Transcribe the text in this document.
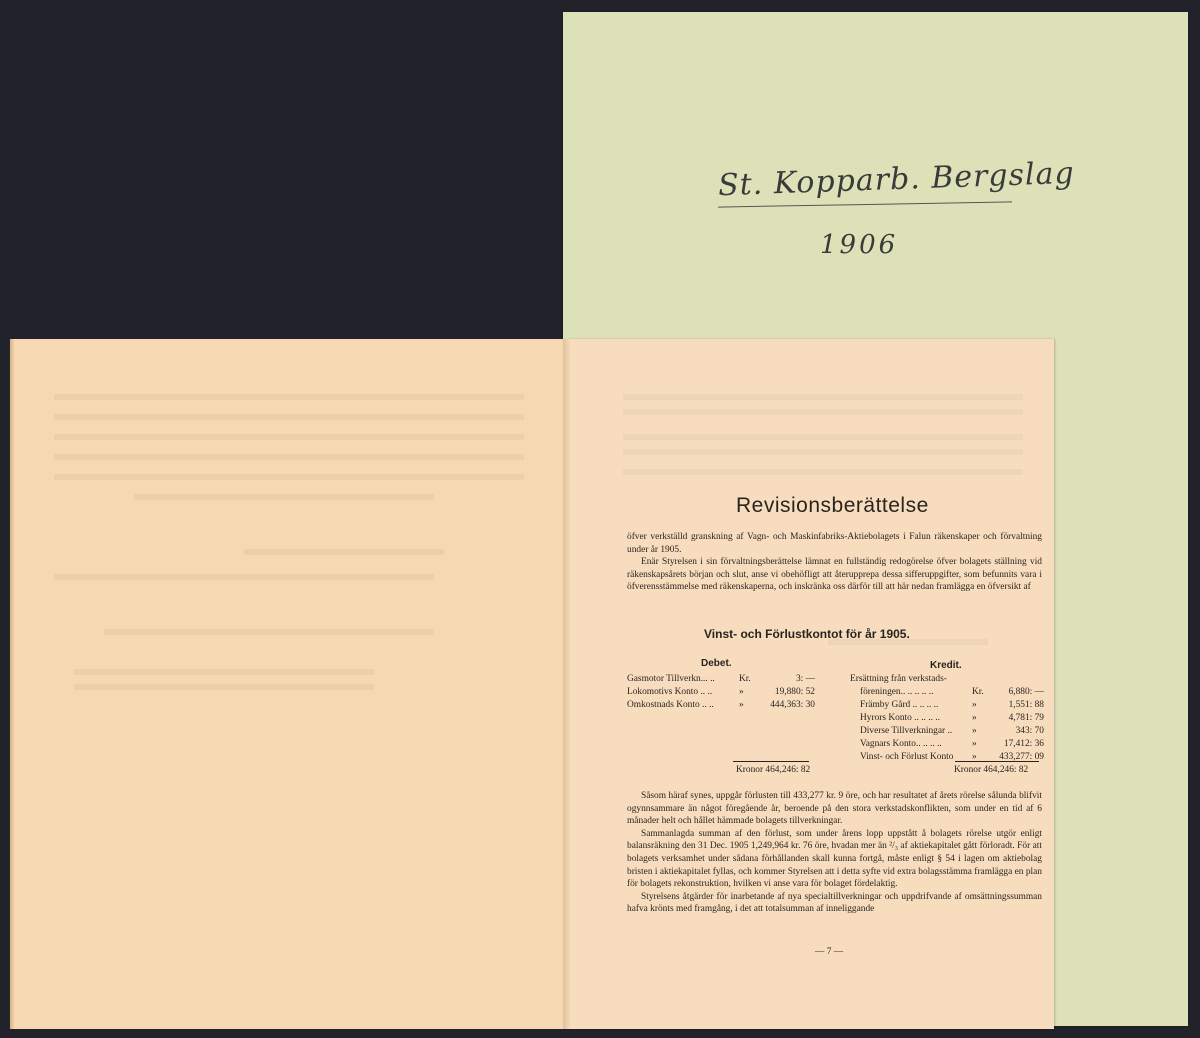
St. Kopparb. Bergslag
1906
Revisionsberättelse

öfver verkställd granskning af Vagn- och Maskinfabriks-Aktiebolagets i Falun räkenskaper och förvaltning under år 1905.

Enär Styrelsen i sin förvaltningsberättelse lämnat en fullständig redogörelse öfver bolagets ställning vid räkenskapsårets början och slut, anse vi obehöfligt att återupprepa dessa sifferuppgifter, som befunnits vara i öfverensstämmelse med räkenskaperna, och inskränka oss därför till att här nedan framlägga en öfversikt af

Vinst- och Förlustkontot för år 1905.
Debet.	Kredit.
Gasmotor Tillverkn... ..	Kr.	3: —
Lokomotivs Konto .. ..	»	19,880: 52
Omkostnads Konto .. ..	»	444,363: 30
Ersättning från verkstads-
föreningen.. .. .. .. ..	Kr.	6,880: —
Främby Gård .. .. .. ..	»	1,551: 88
Hyrors Konto .. .. .. ..	»	4,781: 79
Diverse Tillverkningar .. »	343: 70
Vagnars Konto.. .. .. ..	»	17,412: 36
Vinst- och Förlust Konto » 433,277: 09
Kronor 464,246: 82	Kronor 464,246: 82

Såsom häraf synes, uppgår förlusten till 433,277 kr. 9 öre, och har resultatet af årets rörelse sålunda blifvit ogynnsammare än något föregående år, beroende på den stora verkstadskonflikten, som under en tid af 6 månader helt och hållet hämmade bolagets tillverkningar.

Sammanlagda summan af den förlust, som under årens lopp uppstått å bolagets rörelse utgör enligt balansräkning den 31 Dec. 1905 1,249,964 kr. 76 öre, hvadan mer än ²/₃ af aktiekapitalet gått förloradt. För att bolagets verksamhet under sådana förhållanden skall kunna fortgå, måste enligt § 54 i lagen om aktiebolag bristen i aktiekapitalet fyllas, och kommer Styrelsen att i detta syfte vid extra bolagsstämma framlägga en plan för bolagets rekonstruktion, hvilken vi anse vara för bolaget fördelaktig.

Styrelsens åtgärder för inarbetande af nya specialtillverkningar och uppdrifvande af omsättningssumman hafva krönts med framgång, i det att totalsumman af inneliggande

— 7 —
